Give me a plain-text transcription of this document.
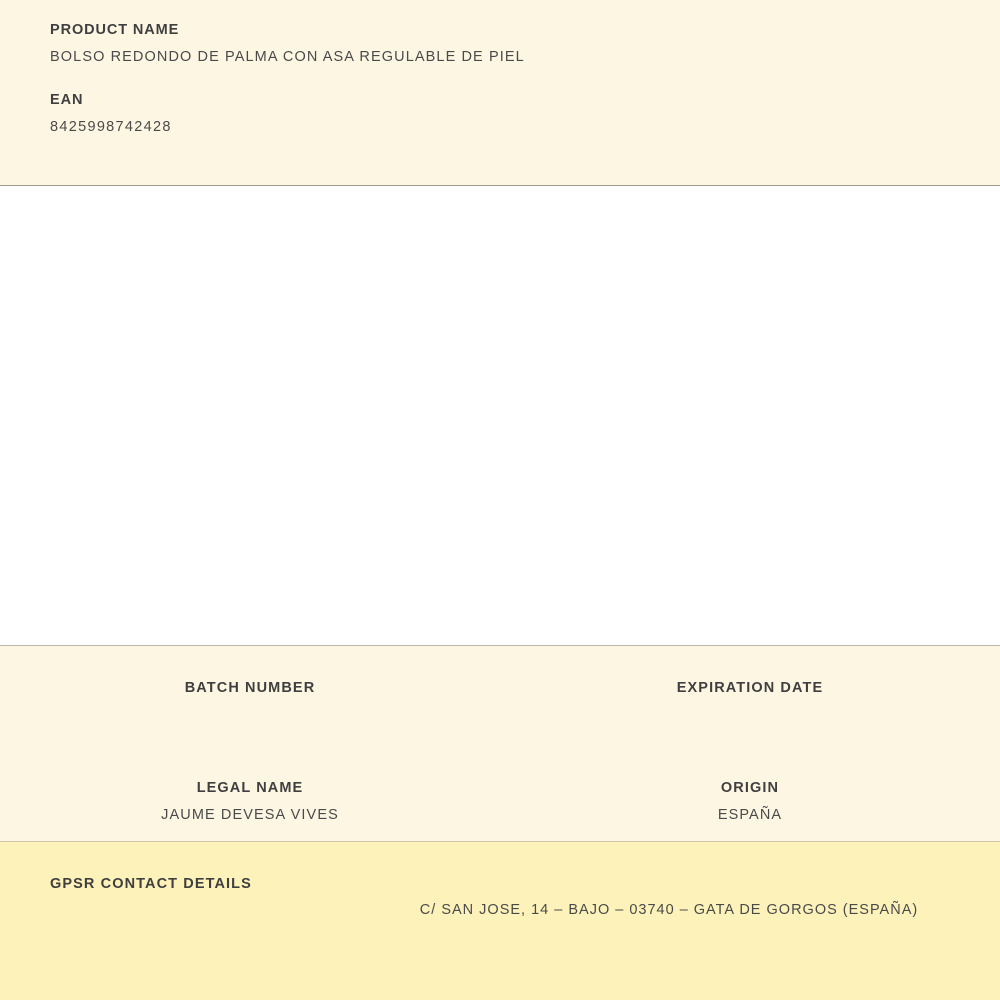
PRODUCT NAME
BOLSO REDONDO DE PALMA CON ASA REGULABLE DE PIEL
EAN
8425998742428
BATCH NUMBER	EXPIRATION DATE
LEGAL NAME
JAUME DEVESA VIVES
ORIGIN
ESPAÑA
GPSR CONTACT DETAILS
C/ SAN JOSE, 14 – BAJO – 03740 – GATA DE GORGOS (ESPAÑA)
